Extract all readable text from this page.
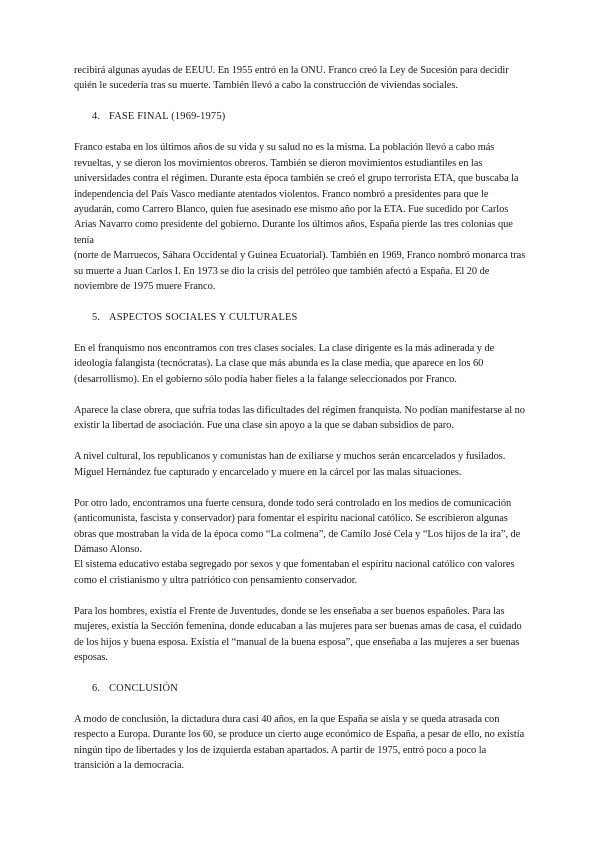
recibirá algunas ayudas de EEUU. En 1955 entró en la ONU. Franco creó la Ley de Sucesión para decidir quién le sucedería tras su muerte. También llevó a cabo la construcción de viviendas sociales.

4. FASE FINAL (1969-1975)

Franco estaba en los últimos años de su vida y su salud no es la misma. La población llevó a cabo más revueltas, y se dieron los movimientos obreros. También se dieron movimientos estudiantiles en las universidades contra el régimen. Durante esta época también se creó el grupo terrorista ETA, que buscaba la independencia del País Vasco mediante atentados violentos. Franco nombró a presidentes para que le ayudarán, como Carrero Blanco, quien fue asesinado ese mismo año por la ETA. Fue sucedido por Carlos Arias Navarro como presidente del gobierno. Durante los últimos años, España pierde las tres colonias que tenía

(norte de Marruecos, Sáhara Occidental y Guinea Ecuatorial). También en 1969, Franco nombró monarca tras su muerte a Juan Carlos I. En 1973 se dio la crisis del petróleo que también afectó a España. El 20 de noviembre de 1975 muere Franco.

5. ASPECTOS SOCIALES Y CULTURALES

En el franquismo nos encontramos con tres clases sociales. La clase dirigente es la más adinerada y de ideología falangista (tecnócratas). La clase que más abunda es la clase media, que aparece en los 60 (desarrollismo). En el gobierno sólo podía haber fieles a la falange seleccionados por Franco.

Aparece la clase obrera, que sufría todas las dificultades del régimen franquista. No podían manifestarse al no existir la libertad de asociación. Fue una clase sin apoyo a la que se daban subsidios de paro.

A nivel cultural, los republicanos y comunistas han de exiliarse y muchos serán encarcelados y fusilados. Miguel Hernández fue capturado y encarcelado y muere en la cárcel por las malas situaciones.

Por otro lado, encontramos una fuerte censura, donde todo será controlado en los medios de comunicación (anticomunista, fascista y conservador) para fomentar el espíritu nacional católico. Se escribieron algunas obras que mostraban la vida de la época como “La colmena”, de Camilo José Cela y “Los hijos de la ira”, de Dámaso Alonso.

El sistema educativo estaba segregado por sexos y que fomentaban el espíritu nacional católico con valores como el cristianismo y ultra patriótico con pensamiento conservador.

Para los hombres, existía el Frente de Juventudes, donde se les enseñaba a ser buenos españoles. Para las mujeres, existía la Sección femenina, donde educaban a las mujeres para ser buenas amas de casa, el cuidado de los hijos y buena esposa. Existía el “manual de la buena esposa”, que enseñaba a las mujeres a ser buenas esposas.

6. CONCLUSIÓN

A modo de conclusión, la dictadura dura casi 40 años, en la que España se aísla y se queda atrasada con respecto a Europa. Durante los 60, se produce un cierto auge económico de España, a pesar de ello, no existía ningún tipo de libertades y los de izquierda estaban apartados. A partir de 1975, entró poco a poco la transición a la democracia.
